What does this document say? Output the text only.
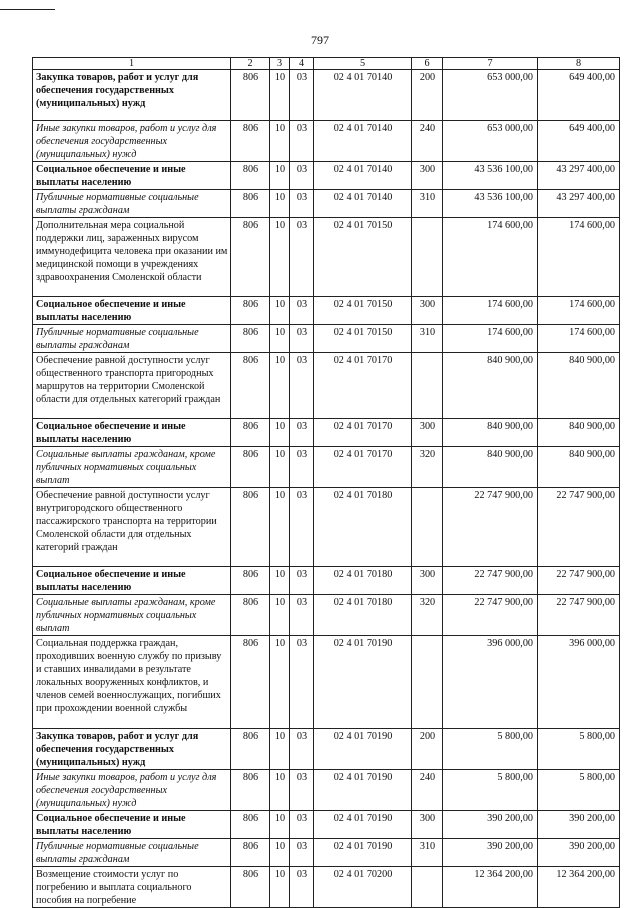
797
1	2	3	4	5	6	7	8
Закупка товаров, работ и услуг для обеспечения государственных (муниципальных) нужд	806	10	03	02 4 01 70140	200	653 000,00	649 400,00
Иные закупки товаров, работ и услуг для обеспечения государственных (муниципальных) нужд	806	10	03	02 4 01 70140	240	653 000,00	649 400,00
Социальное обеспечение и иные выплаты населению	806	10	03	02 4 01 70140	300	43 536 100,00	43 297 400,00
Публичные нормативные социальные выплаты гражданам	806	10	03	02 4 01 70140	310	43 536 100,00	43 297 400,00
Дополнительная мера социальной поддержки лиц, зараженных вирусом иммунодефицита человека при оказании им медицинской помощи в учреждениях здравоохранения Смоленской области	806	10	03	02 4 01 70150		174 600,00	174 600,00
Социальное обеспечение и иные выплаты населению	806	10	03	02 4 01 70150	300	174 600,00	174 600,00
Публичные нормативные социальные выплаты гражданам	806	10	03	02 4 01 70150	310	174 600,00	174 600,00
Обеспечение равной доступности услуг общественного транспорта пригородных маршрутов на территории Смоленской области для отдельных категорий граждан	806	10	03	02 4 01 70170		840 900,00	840 900,00
Социальное обеспечение и иные выплаты населению	806	10	03	02 4 01 70170	300	840 900,00	840 900,00
Социальные выплаты гражданам, кроме публичных нормативных социальных выплат	806	10	03	02 4 01 70170	320	840 900,00	840 900,00
Обеспечение равной доступности услуг внутригородского общественного пассажирского транспорта на территории Смоленской области для отдельных категорий граждан	806	10	03	02 4 01 70180		22 747 900,00	22 747 900,00
Социальное обеспечение и иные выплаты населению	806	10	03	02 4 01 70180	300	22 747 900,00	22 747 900,00
Социальные выплаты гражданам, кроме публичных нормативных социальных выплат	806	10	03	02 4 01 70180	320	22 747 900,00	22 747 900,00
Социальная поддержка граждан, проходивших военную службу по призыву и ставших инвалидами в результате локальных вооруженных конфликтов, и членов семей военнослужащих, погибших при прохождении военной службы	806	10	03	02 4 01 70190		396 000,00	396 000,00
Закупка товаров, работ и услуг для обеспечения государственных (муниципальных) нужд	806	10	03	02 4 01 70190	200	5 800,00	5 800,00
Иные закупки товаров, работ и услуг для обеспечения государственных (муниципальных) нужд	806	10	03	02 4 01 70190	240	5 800,00	5 800,00
Социальное обеспечение и иные выплаты населению	806	10	03	02 4 01 70190	300	390 200,00	390 200,00
Публичные нормативные социальные выплаты гражданам	806	10	03	02 4 01 70190	310	390 200,00	390 200,00
Возмещение стоимости услуг по погребению и выплата социального пособия на погребение	806	10	03	02 4 01 70200		12 364 200,00	12 364 200,00
